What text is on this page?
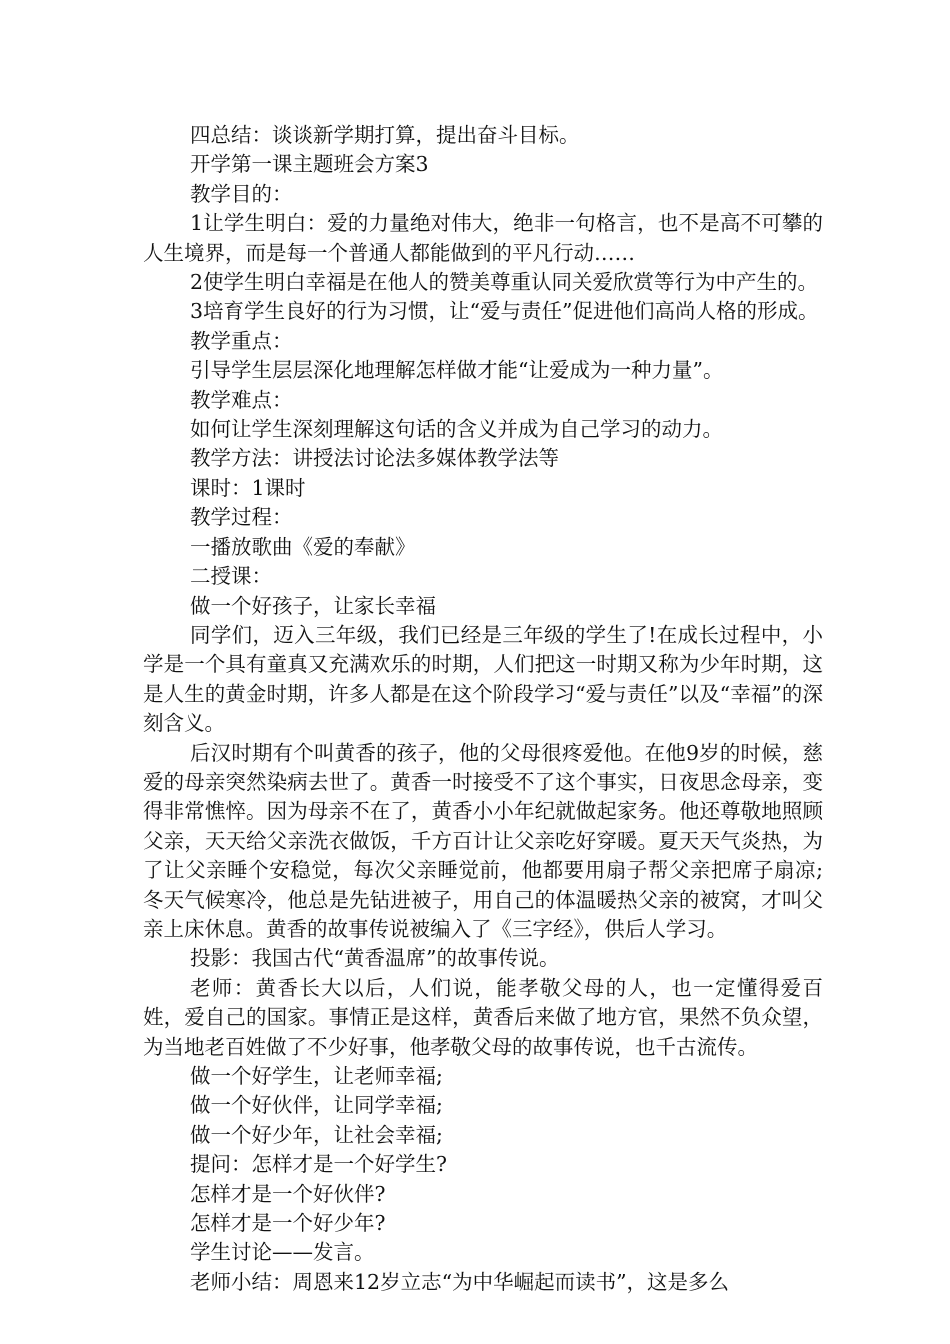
四总结：谈谈新学期打算，提出奋斗目标。

开学第一课主题班会方案3

教学目的：

1让学生明白：爱的力量绝对伟大，绝非一句格言，也不是高不可攀的人生境界，而是每一个普通人都能做到的平凡行动……

2使学生明白幸福是在他人的赞美尊重认同关爱欣赏等行为中产生的。

3培育学生良好的行为习惯，让“爱与责任”促进他们高尚人格的形成。

教学重点：

引导学生层层深化地理解怎样做才能“让爱成为一种力量”。

教学难点：

如何让学生深刻理解这句话的含义并成为自己学习的动力。

教学方法：讲授法讨论法多媒体教学法等

课时：1课时

教学过程：

一播放歌曲《爱的奉献》

二授课：

做一个好孩子，让家长幸福

同学们，迈入三年级，我们已经是三年级的学生了!在成长过程中，小学是一个具有童真又充满欢乐的时期，人们把这一时期又称为少年时期，这是人生的黄金时期，许多人都是在这个阶段学习“爱与责任”以及“幸福”的深刻含义。

后汉时期有个叫黄香的孩子，他的父母很疼爱他。在他9岁的时候，慈爱的母亲突然染病去世了。黄香一时接受不了这个事实，日夜思念母亲，变得非常憔悴。因为母亲不在了，黄香小小年纪就做起家务。他还尊敬地照顾父亲，天天给父亲洗衣做饭，千方百计让父亲吃好穿暖。夏天天气炎热，为了让父亲睡个安稳觉，每次父亲睡觉前，他都要用扇子帮父亲把席子扇凉;冬天气候寒冷，他总是先钻进被子，用自己的体温暖热父亲的被窝，才叫父亲上床休息。黄香的故事传说被编入了《三字经》，供后人学习。

投影：我国古代“黄香温席”的故事传说。

老师：黄香长大以后，人们说，能孝敬父母的人，也一定懂得爱百姓，爱自己的国家。事情正是这样，黄香后来做了地方官，果然不负众望，为当地老百姓做了不少好事，他孝敬父母的故事传说，也千古流传。

做一个好学生，让老师幸福;

做一个好伙伴，让同学幸福;

做一个好少年，让社会幸福;

提问：怎样才是一个好学生?

怎样才是一个好伙伴?

怎样才是一个好少年?

学生讨论——发言。

老师小结：周恩来12岁立志“为中华崛起而读书”，这是多么
